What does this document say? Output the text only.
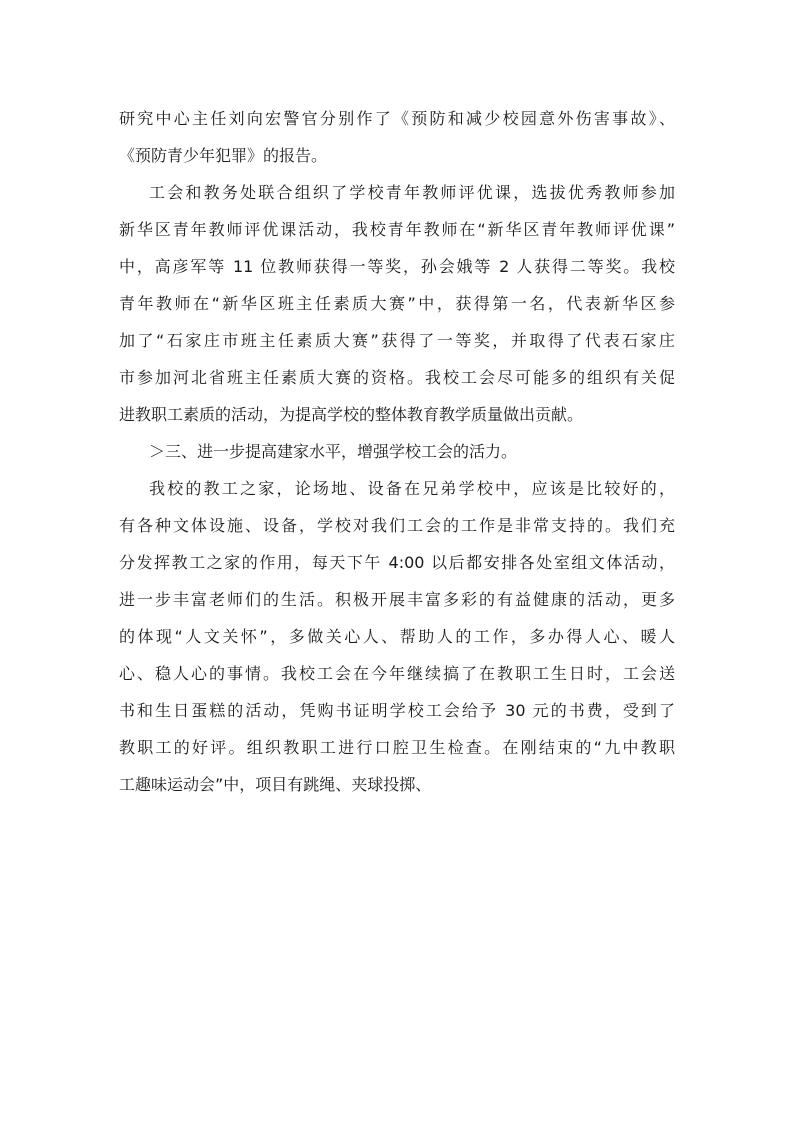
研究中心主任刘向宏警官分别作了《预防和减少校园意外伤害事故》、
《预防青少年犯罪》的报告。
工会和教务处联合组织了学校青年教师评优课，选拔优秀教师参加
新华区青年教师评优课活动，我校青年教师在“新华区青年教师评优课”
中，高彦军等 11 位教师获得一等奖，孙会娥等 2 人获得二等奖。我校
青年教师在“新华区班主任素质大赛”中，获得第一名，代表新华区参
加了“石家庄市班主任素质大赛”获得了一等奖，并取得了代表石家庄
市参加河北省班主任素质大赛的资格。我校工会尽可能多的组织有关促
进教职工素质的活动，为提高学校的整体教育教学质量做出贡献。
＞三、进一步提高建家水平，增强学校工会的活力。
我校的教工之家，论场地、设备在兄弟学校中，应该是比较好的，
有各种文体设施、设备，学校对我们工会的工作是非常支持的。我们充
分发挥教工之家的作用，每天下午 4:00 以后都安排各处室组文体活动，
进一步丰富老师们的生活。积极开展丰富多彩的有益健康的活动，更多
的体现“人文关怀”，多做关心人、帮助人的工作，多办得人心、暖人
心、稳人心的事情。我校工会在今年继续搞了在教职工生日时，工会送
书和生日蛋糕的活动，凭购书证明学校工会给予 30 元的书费，受到了
教职工的好评。组织教职工进行口腔卫生检查。在刚结束的“九中教职
工趣味运动会”中，项目有跳绳、夹球投掷、
